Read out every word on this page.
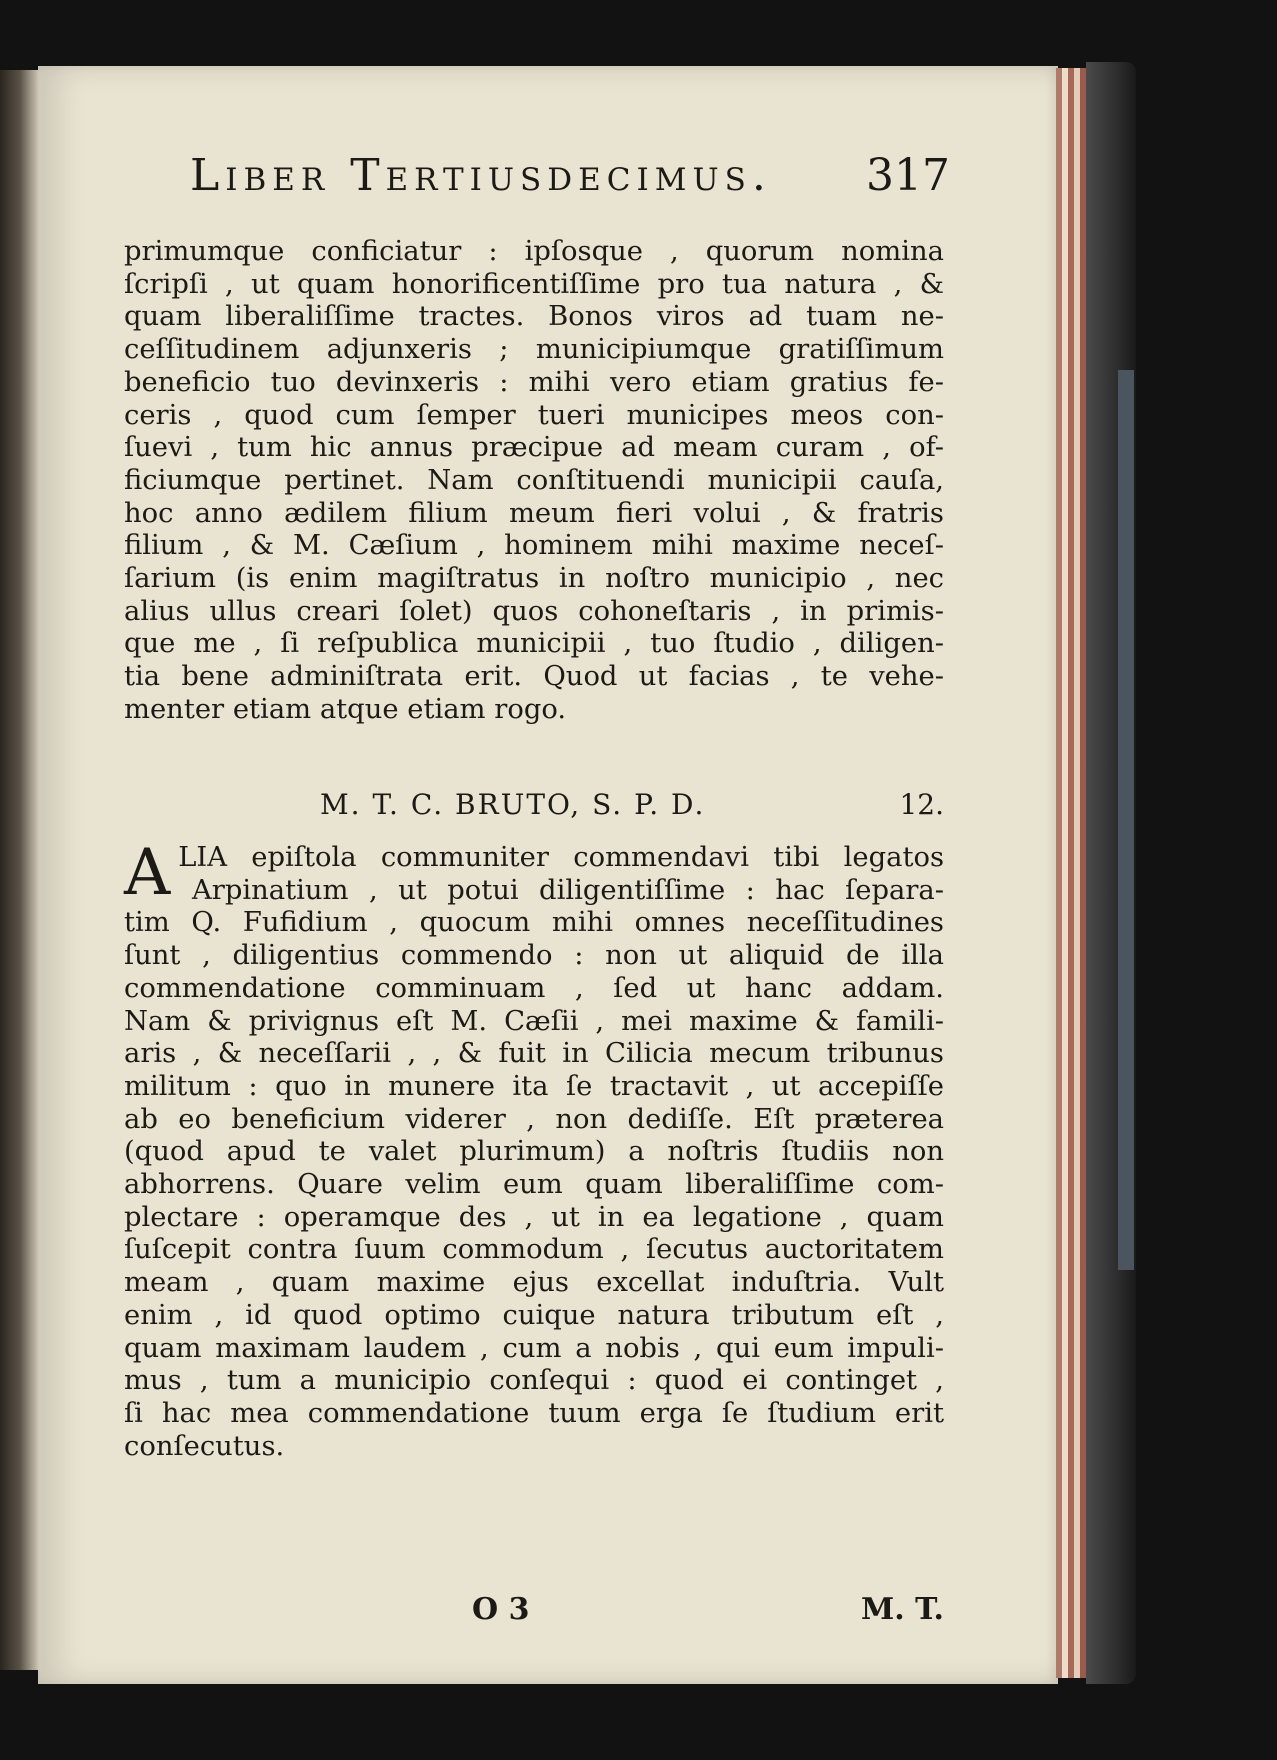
Liber Tertiusdecimus. 317
primumque conficiatur : ipſosque , quorum nomina
ſcripſi , ut quam honorificentiſſime pro tua natura , &
quam liberaliſſime tractes. Bonos viros ad tuam ne-
ceſſitudinem adjunxeris ; municipiumque gratiſſimum
beneficio tuo devinxeris : mihi vero etiam gratius fe-
ceris , quod cum ſemper tueri municipes meos con-
ſuevi , tum hic annus præcipue ad meam curam , of-
ficiumque pertinet. Nam conſtituendi municipii cauſa,
hoc anno ædilem filium meum fieri volui , & fratris
filium , & M. Cæſium , hominem mihi maxime neceſ-
ſarium (is enim magiſtratus in noſtro municipio , nec
alius ullus creari ſolet) quos cohoneſtaris , in primis-
que me , ſi reſpublica municipii , tuo ſtudio , diligen-
tia bene adminiſtrata erit. Quod ut facias , te vehe-
menter etiam atque etiam rogo.
M. T. C. BRUTO, S. P. D.	12.
A LIA epiſtola communiter commendavi tibi legatos
Arpinatium , ut potui diligentiſſime : hac ſepara-
tim Q. Fufidium , quocum mihi omnes neceſſitudines
ſunt , diligentius commendo : non ut aliquid de illa
commendatione comminuam , ſed ut hanc addam.
Nam & privignus eſt M. Cæſii , mei maxime & famili-
aris , & neceſſarii , , & fuit in Cilicia mecum tribunus
militum : quo in munere ita ſe tractavit , ut accepiſſe
ab eo beneficium viderer , non dediſſe. Eſt præterea
(quod apud te valet plurimum) a noſtris ſtudiis non
abhorrens. Quare velim eum quam liberaliſſime com-
plectare : operamque des , ut in ea legatione , quam
ſuſcepit contra ſuum commodum , ſecutus auctoritatem
meam , quam maxime ejus excellat induſtria. Vult
enim , id quod optimo cuique natura tributum eſt ,
quam maximam laudem , cum a nobis , qui eum impuli-
mus , tum a municipio conſequi : quod ei continget ,
ſi hac mea commendatione tuum erga ſe ſtudium erit
conſecutus.
O 3	M. T.
